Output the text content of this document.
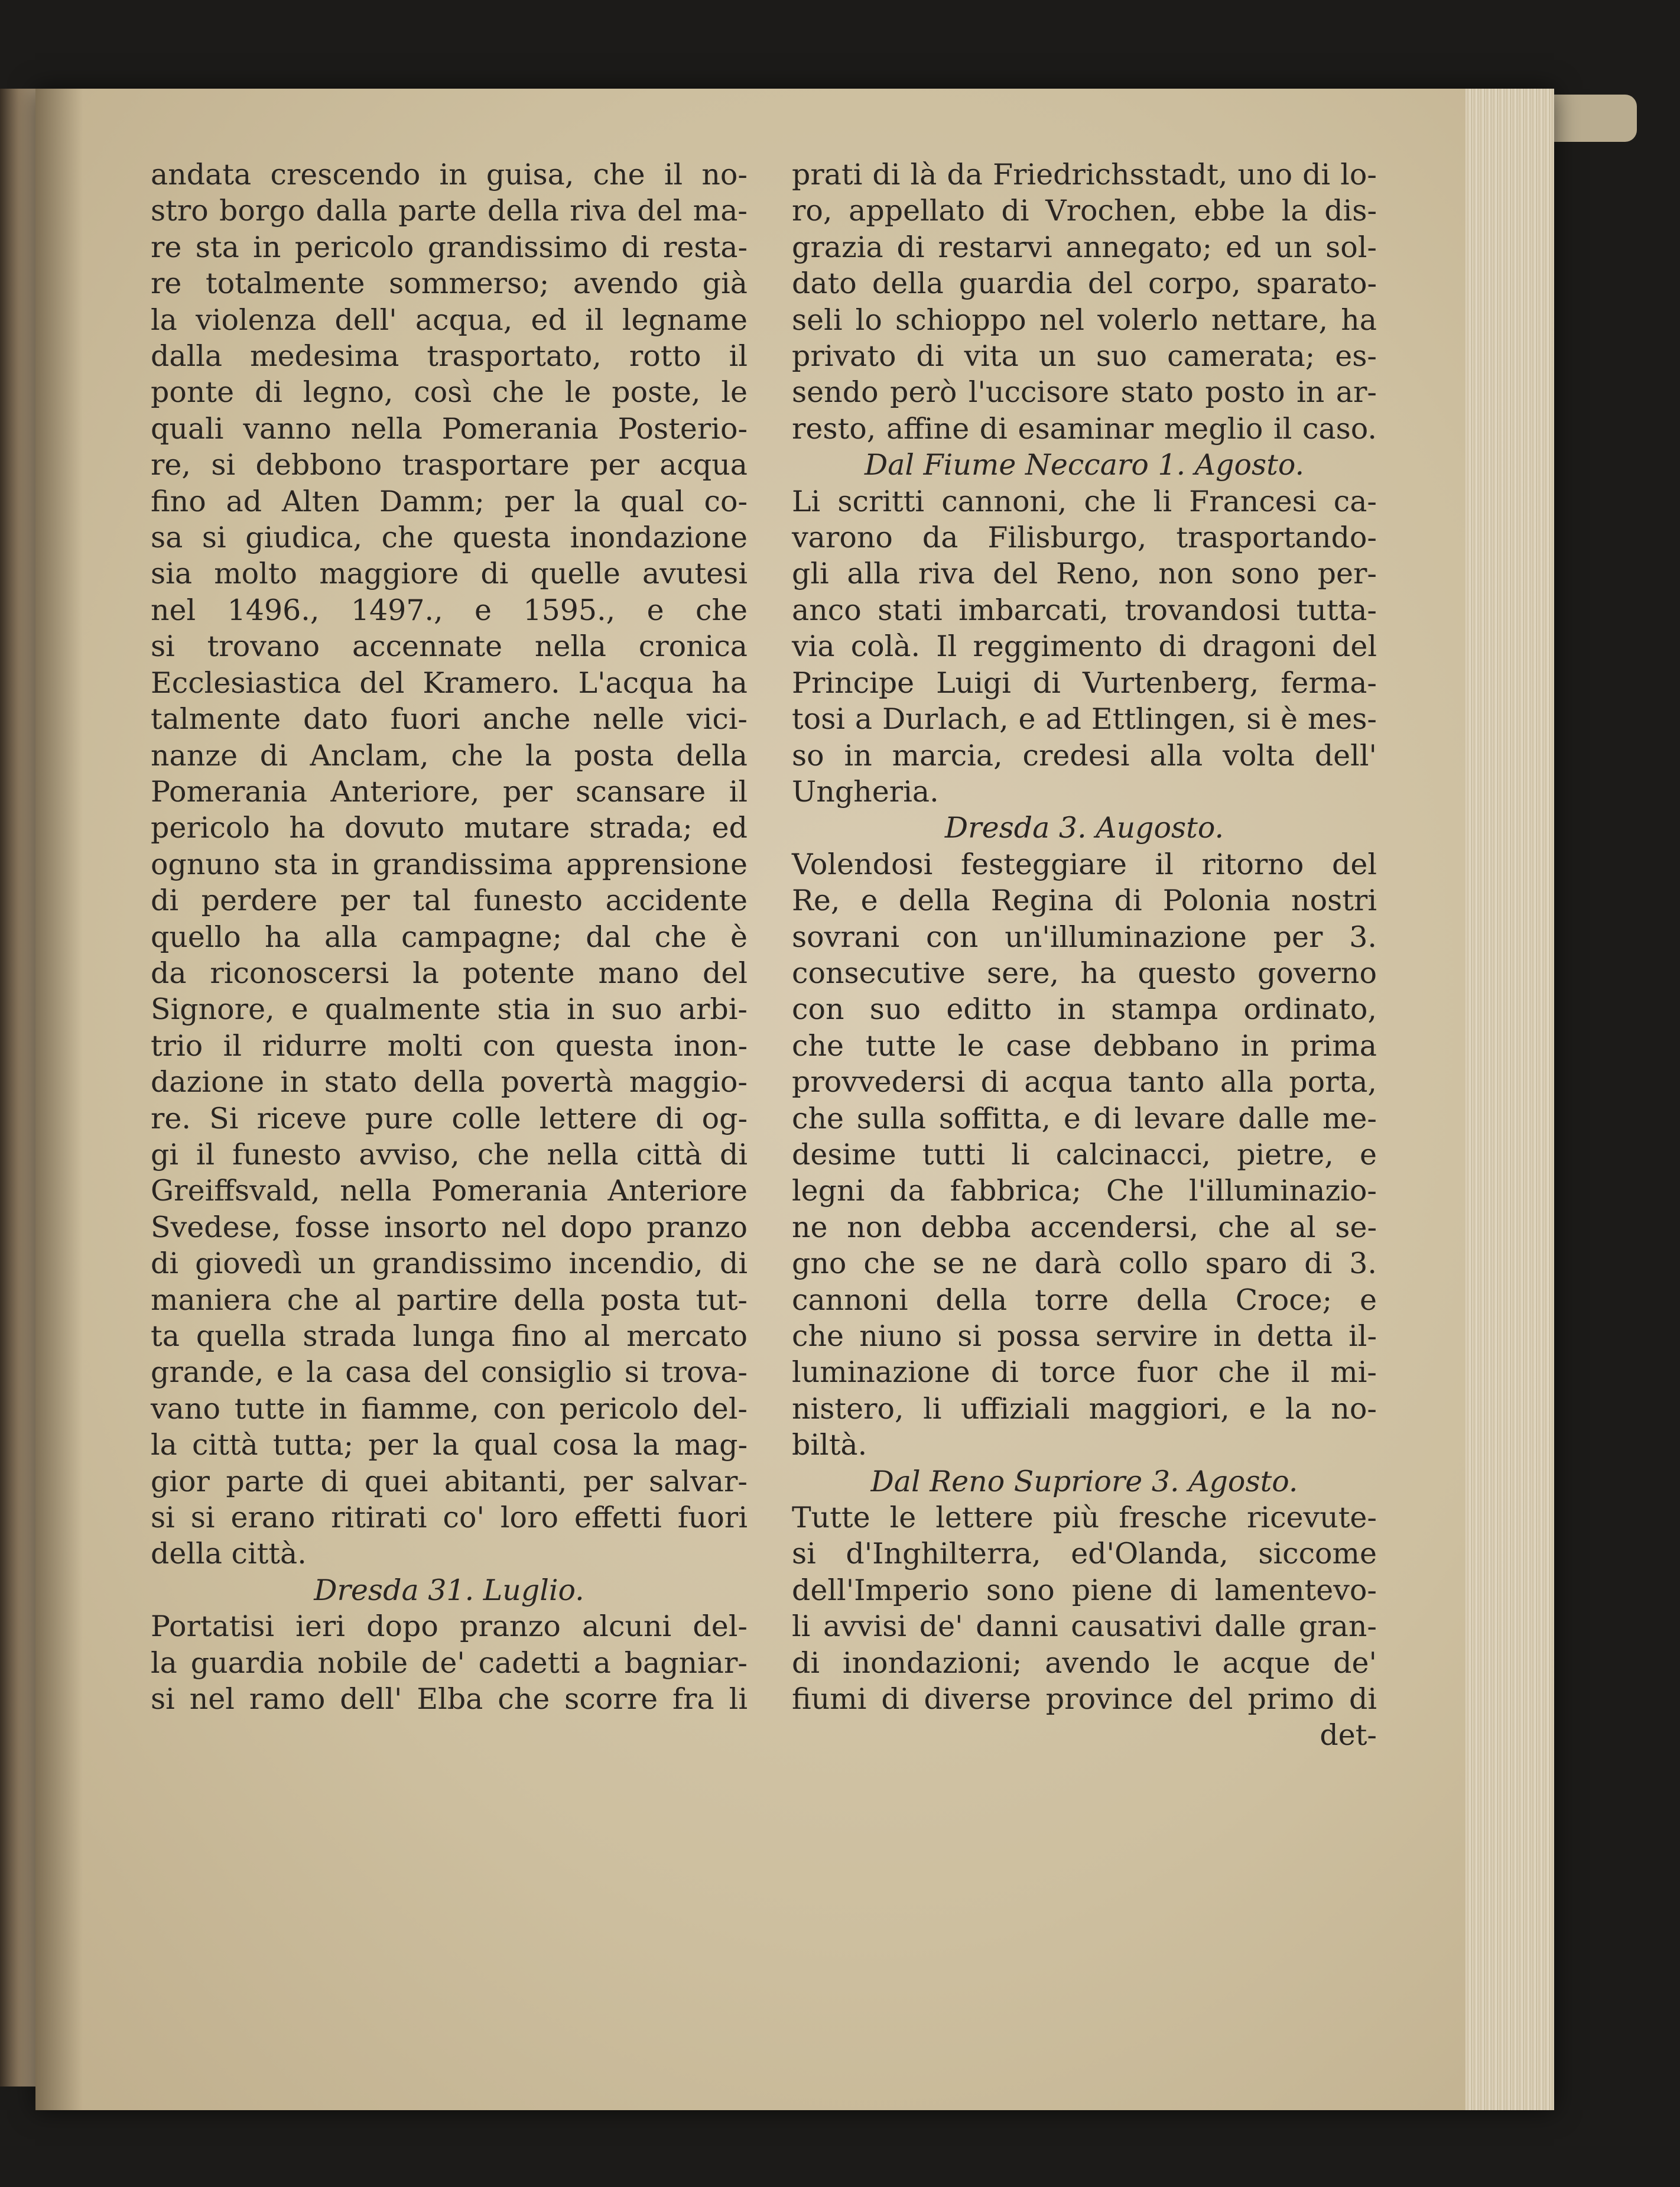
andata crescendo in guisa, che il no-
stro borgo dalla parte della riva del ma-
re sta in pericolo grandissimo di resta-
re totalmente sommerso; avendo già
la violenza dell' acqua, ed il legname
dalla medesima trasportato, rotto il
ponte di legno, così che le poste, le
quali vanno nella Pomerania Posterio-
re, si debbono trasportare per acqua
fino ad Alten Damm; per la qual co-
sa si giudica, che questa inondazione
sia molto maggiore di quelle avutesi
nel 1496., 1497., e 1595., e che
si trovano accennate nella cronica
Ecclesiastica del Kramero. L'acqua ha
talmente dato fuori anche nelle vici-
nanze di Anclam, che la posta della
Pomerania Anteriore, per scansare il
pericolo ha dovuto mutare strada; ed
ognuno sta in grandissima apprensione
di perdere per tal funesto accidente
quello ha alla campagne; dal che è
da riconoscersi la potente mano del
Signore, e qualmente stia in suo arbi-
trio il ridurre molti con questa inon-
dazione in stato della povertà maggio-
re. Si riceve pure colle lettere di og-
gi il funesto avviso, che nella città di
Greiffsvald, nella Pomerania Anteriore
Svedese, fosse insorto nel dopo pranzo
di giovedì un grandissimo incendio, di
maniera che al partire della posta tut-
ta quella strada lunga fino al mercato
grande, e la casa del consiglio si trova-
vano tutte in fiamme, con pericolo del-
la città tutta; per la qual cosa la mag-
gior parte di quei abitanti, per salvar-
si si erano ritirati co' loro effetti fuori
della città.
Dresda 31. Luglio.
Portatisi ieri dopo pranzo alcuni del-
la guardia nobile de' cadetti a bagniar-
si nel ramo dell' Elba che scorre fra li
prati di là da Friedrichsstadt, uno di lo-
ro, appellato di Vrochen, ebbe la dis-
grazia di restarvi annegato; ed un sol-
dato della guardia del corpo, sparato-
seli lo schioppo nel volerlo nettare, ha
privato di vita un suo camerata; es-
sendo però l'uccisore stato posto in ar-
resto, affine di esaminar meglio il caso.
Dal Fiume Neccaro 1. Agosto.
Li scritti cannoni, che li Francesi ca-
varono da Filisburgo, trasportando-
gli alla riva del Reno, non sono per-
anco stati imbarcati, trovandosi tutta-
via colà. Il reggimento di dragoni del
Principe Luigi di Vurtenberg, ferma-
tosi a Durlach, e ad Ettlingen, si è mes-
so in marcia, credesi alla volta dell'
Ungheria.
Dresda 3. Augosto.
Volendosi festeggiare il ritorno del
Re, e della Regina di Polonia nostri
sovrani con un'illuminazione per 3.
consecutive sere, ha questo governo
con suo editto in stampa ordinato,
che tutte le case debbano in prima
provvedersi di acqua tanto alla porta,
che sulla soffitta, e di levare dalle me-
desime tutti li calcinacci, pietre, e
legni da fabbrica; Che l'illuminazio-
ne non debba accendersi, che al se-
gno che se ne darà collo sparo di 3.
cannoni della torre della Croce; e
che niuno si possa servire in detta il-
luminazione di torce fuor che il mi-
nistero, li uffiziali maggiori, e la no-
biltà.
Dal Reno Supriore 3. Agosto.
Tutte le lettere più fresche ricevute-
si d'Inghilterra, ed'Olanda, siccome
dell'Imperio sono piene di lamentevo-
li avvisi de' danni causativi dalle gran-
di inondazioni; avendo le acque de'
fiumi di diverse province del primo di
det-
